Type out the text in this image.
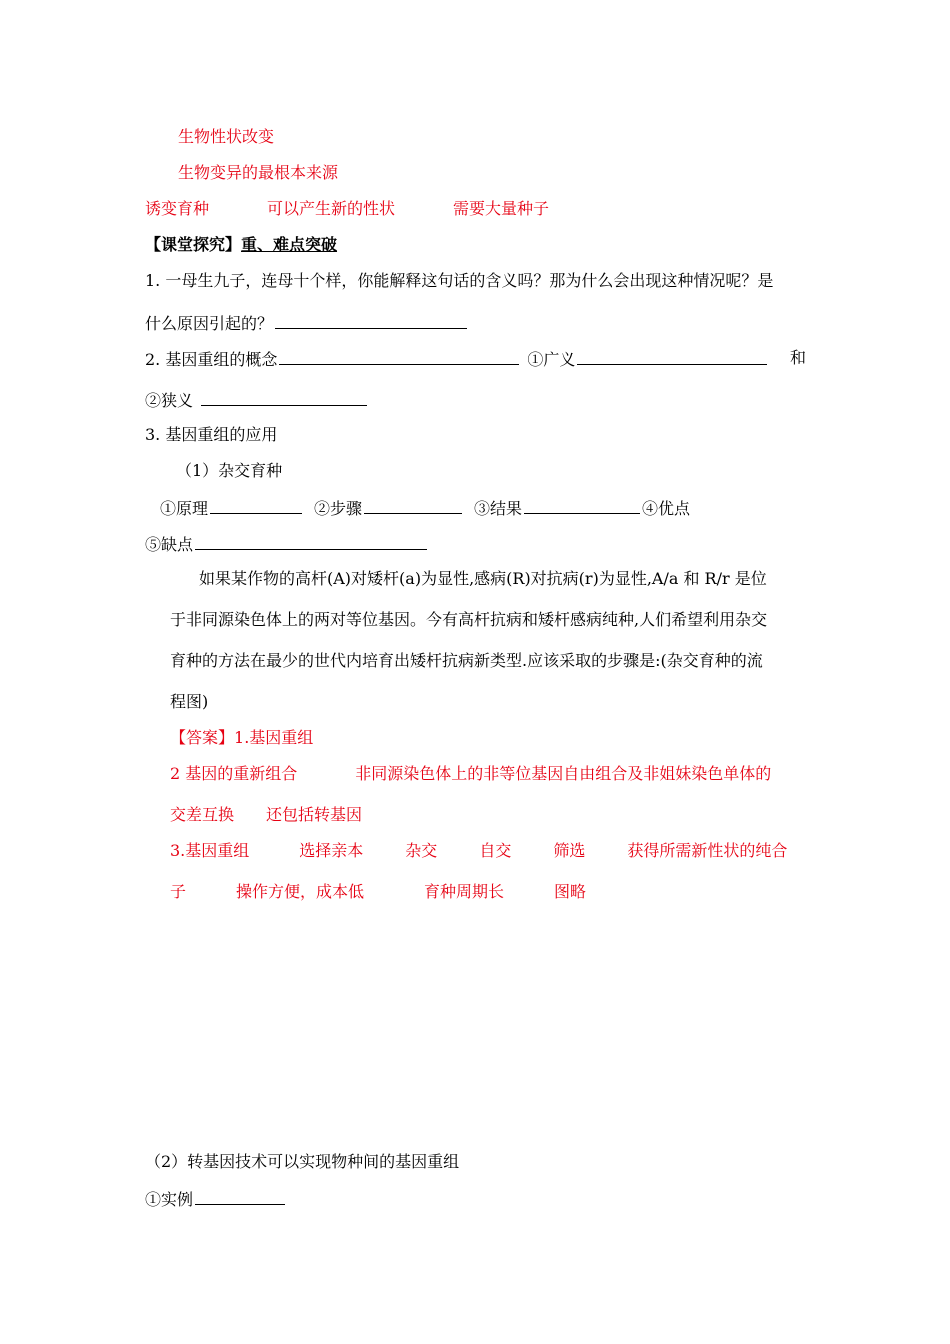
生物性状改变
生物变异的最根本来源
诱变育种	可以产生新的性状	需要大量种子
【课堂探究】重、难点突破
1. 一母生九子，连母十个样，你能解释这句话的含义吗？那为什么会出现这种情况呢？是
什么原因引起的？
2. 基因重组的概念	①广义	和
②狭义
3. 基因重组的应用
（1）杂交育种
①原理	②步骤	③结果	④优点
⑤缺点
如果某作物的高杆(A)对矮杆(a)为显性,感病(R)对抗病(r)为显性,A/a 和 R/r 是位
于非同源染色体上的两对等位基因。今有高杆抗病和矮杆感病纯种,人们希望利用杂交
育种的方法在最少的世代内培育出矮杆抗病新类型.应该采取的步骤是:(杂交育种的流
程图)
【答案】1.基因重组
2 基因的重新组合	非同源染色体上的非等位基因自由组合及非姐妹染色单体的
交差互换 还包括转基因
3.基因重组	选择亲本	杂交	自交	筛选	获得所需新性状的纯合
子	操作方便，成本低	育种周期长	图略
（2）转基因技术可以实现物种间的基因重组
①实例
